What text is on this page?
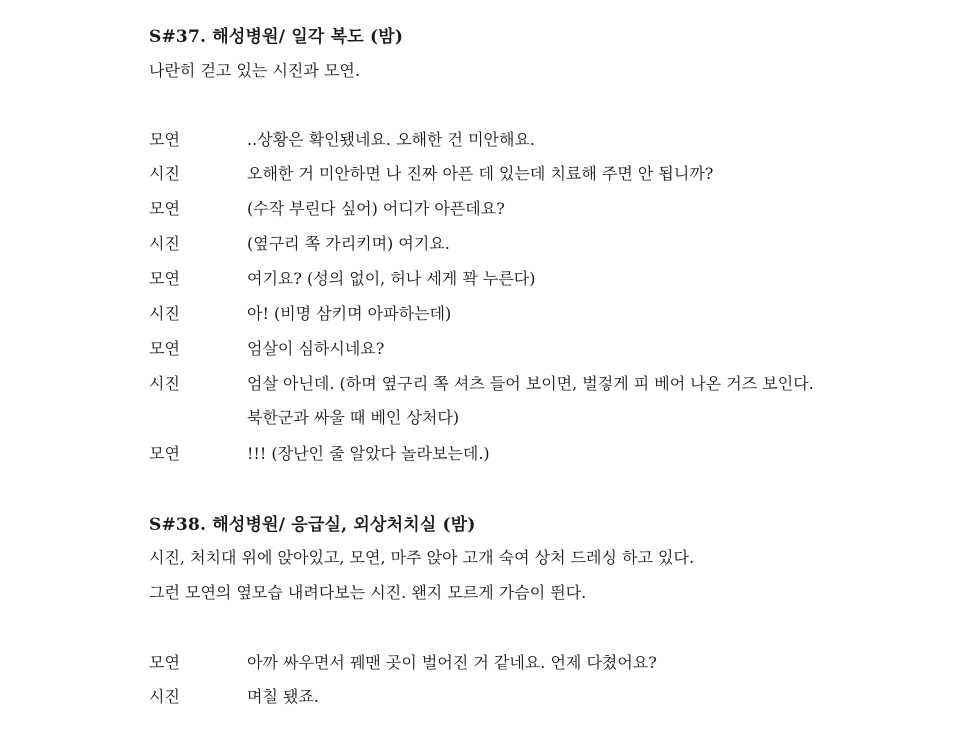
S#37. 해성병원/ 일각 복도 (밤)
나란히 걷고 있는 시진과 모연.
모연	..상황은 확인됐네요. 오해한 건 미안해요.
시진	오해한 거 미안하면 나 진짜 아픈 데 있는데 치료해 주면 안 됩니까?
모연	(수작 부린다 싶어) 어디가 아픈데요?
시진	(옆구리 쪽 가리키며) 여기요.
모연	여기요? (성의 없이, 허나 세게 꽉 누른다)
시진	아! (비명 삼키며 아파하는데)
모연	엄살이 심하시네요?
시진	엄살 아닌데. (하며 옆구리 쪽 셔츠 들어 보이면, 벌겋게 피 베어 나온 거즈 보인다.
북한군과 싸울 때 베인 상처다)
모연	!!! (장난인 줄 알았다 놀라보는데.)
S#38. 해성병원/ 응급실, 외상처치실 (밤)
시진, 처치대 위에 앉아있고, 모연, 마주 앉아 고개 숙여 상처 드레싱 하고 있다.
그런 모연의 옆모습 내려다보는 시진. 왠지 모르게 가슴이 뛴다.
모연	아까 싸우면서 꿰맨 곳이 벌어진 거 같네요. 언제 다쳤어요?
시진	며칠 됐죠.
